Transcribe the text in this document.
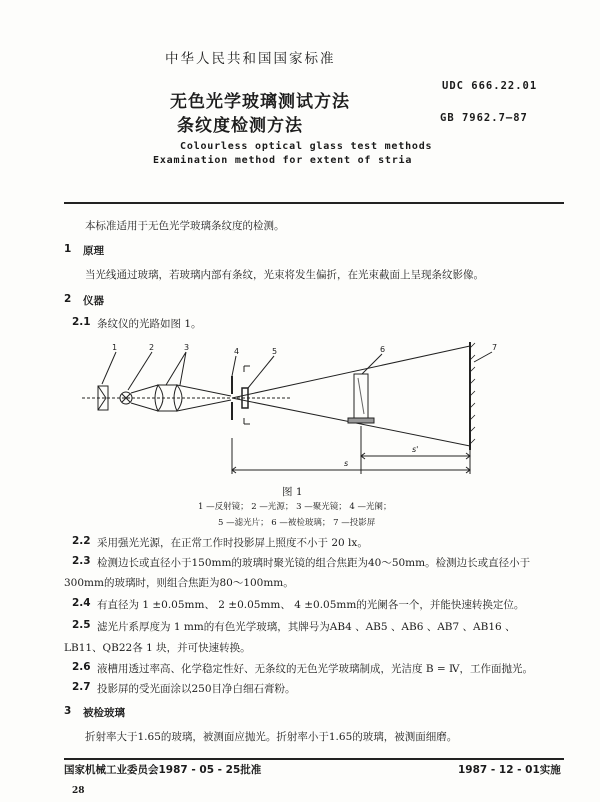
中华人民共和国国家标准
无色光学玻璃测试方法
条纹度检测方法
UDC 666.22.01
GB 7962.7—87
Colourless optical glass test methods
Examination method for extent of stria
本标准适用于无色光学玻璃条纹度的检测。
1 原理
当光线通过玻璃，若玻璃内部有条纹，光束将发生偏折，在光束截面上呈现条纹影像。
2 仪器
2.1 条纹仪的光路如图 1。
1	2	3	4	5	6	7
s
s'
图 1
1 —反射镜； 2 —光源； 3 —聚光镜； 4 —光阑；
5 —滤光片； 6 —被检玻璃； 7 —投影屏
2.2 采用强光光源，在正常工作时投影屏上照度不小于 20 lx。
2.3 检测边长或直径小于150mm的玻璃时聚光镜的组合焦距为40～50mm。检测边长或直径小于
300mm的玻璃时，则组合焦距为80～100mm。
2.4 有直径为 1 ±0.05mm、 2 ±0.05mm、 4 ±0.05mm的光阑各一个，并能快速转换定位。
2.5 滤光片系厚度为 1 mm的有色光学玻璃，其牌号为AB4 、AB5 、AB6 、AB7 、AB16 、
LB11、QB22各 1 块，并可快速转换。
2.6 液槽用透过率高、化学稳定性好、无条纹的无色光学玻璃制成，光洁度 B = Ⅳ，工作面抛光。
2.7 投影屏的受光面涂以250目净白细石膏粉。
3 被检玻璃
折射率大于1.65的玻璃，被测面应抛光。折射率小于1.65的玻璃，被测面细磨。
国家机械工业委员会1987 - 05 - 25批准	1987 - 12 - 01实施
28
